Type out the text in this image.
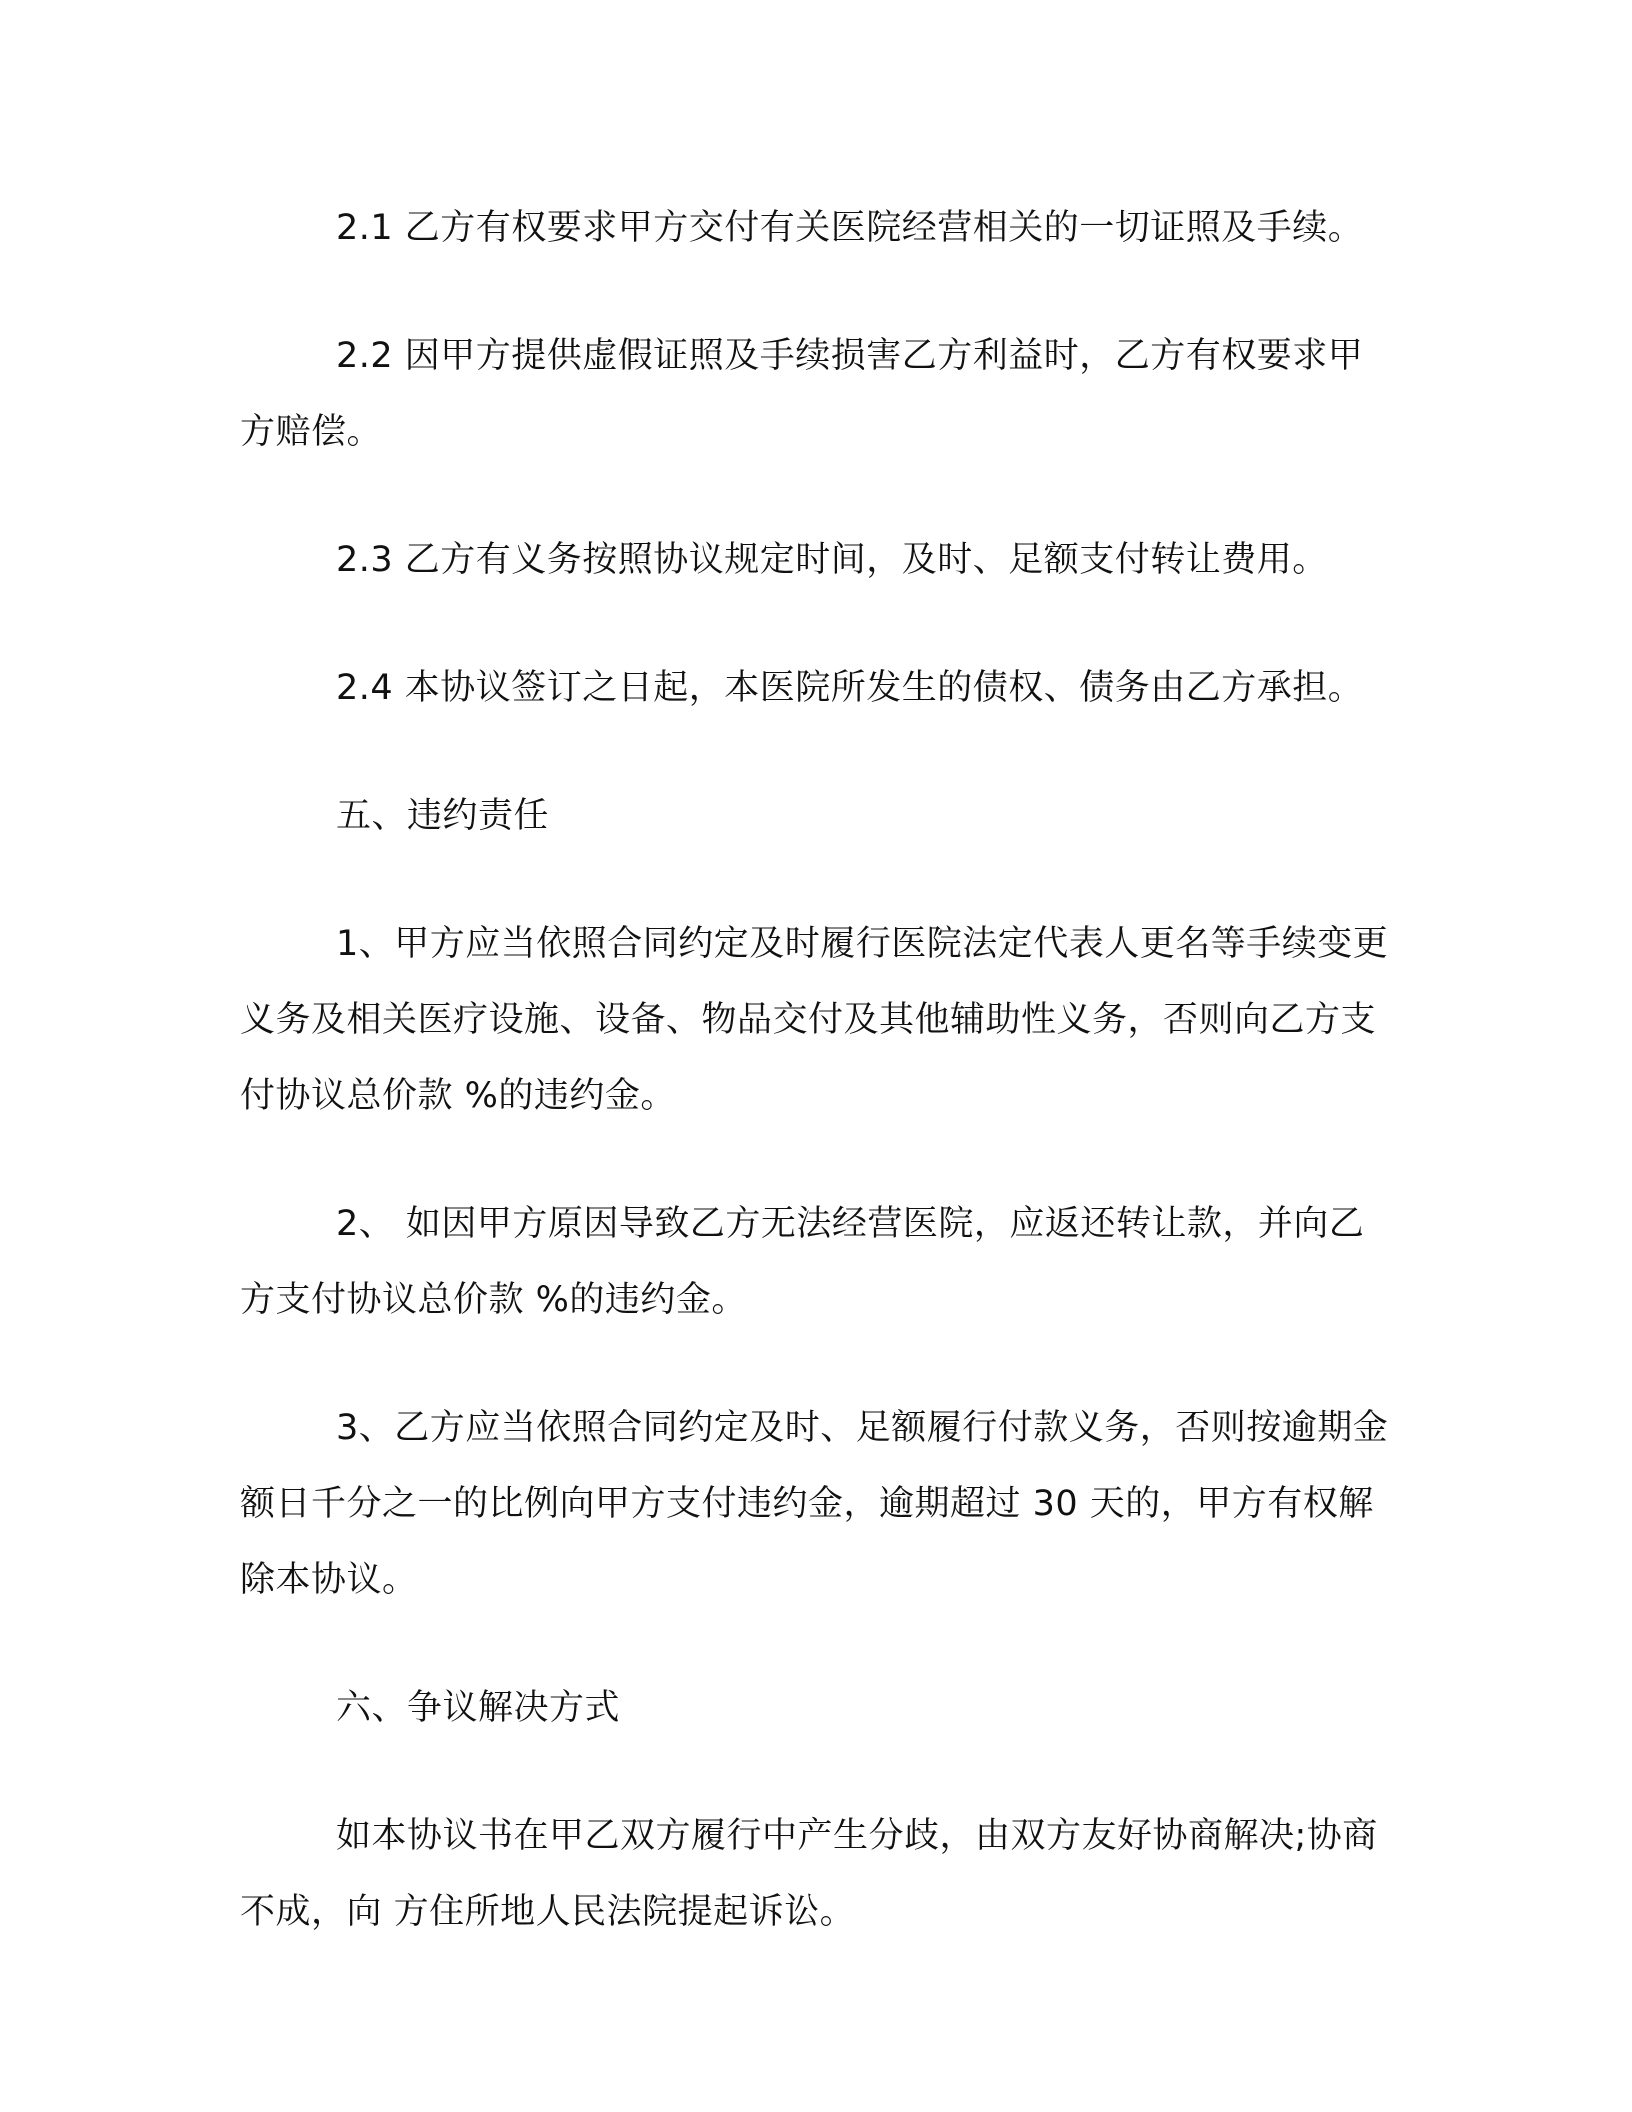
2.1 乙方有权要求甲方交付有关医院经营相关的一切证照及手续。

2.2 因甲方提供虚假证照及手续损害乙方利益时，乙方有权要求甲方赔偿。

2.3 乙方有义务按照协议规定时间，及时、足额支付转让费用。

2.4 本协议签订之日起，本医院所发生的债权、债务由乙方承担。

五、违约责任

1、甲方应当依照合同约定及时履行医院法定代表人更名等手续变更义务及相关医疗设施、设备、物品交付及其他辅助性义务，否则向乙方支付协议总价款 %的违约金。

2、 如因甲方原因导致乙方无法经营医院，应返还转让款，并向乙方支付协议总价款 %的违约金。

3、乙方应当依照合同约定及时、足额履行付款义务，否则按逾期金额日千分之一的比例向甲方支付违约金，逾期超过 30 天的，甲方有权解除本协议。

六、争议解决方式

如本协议书在甲乙双方履行中产生分歧，由双方友好协商解决;协商不成，向 方住所地人民法院提起诉讼。
